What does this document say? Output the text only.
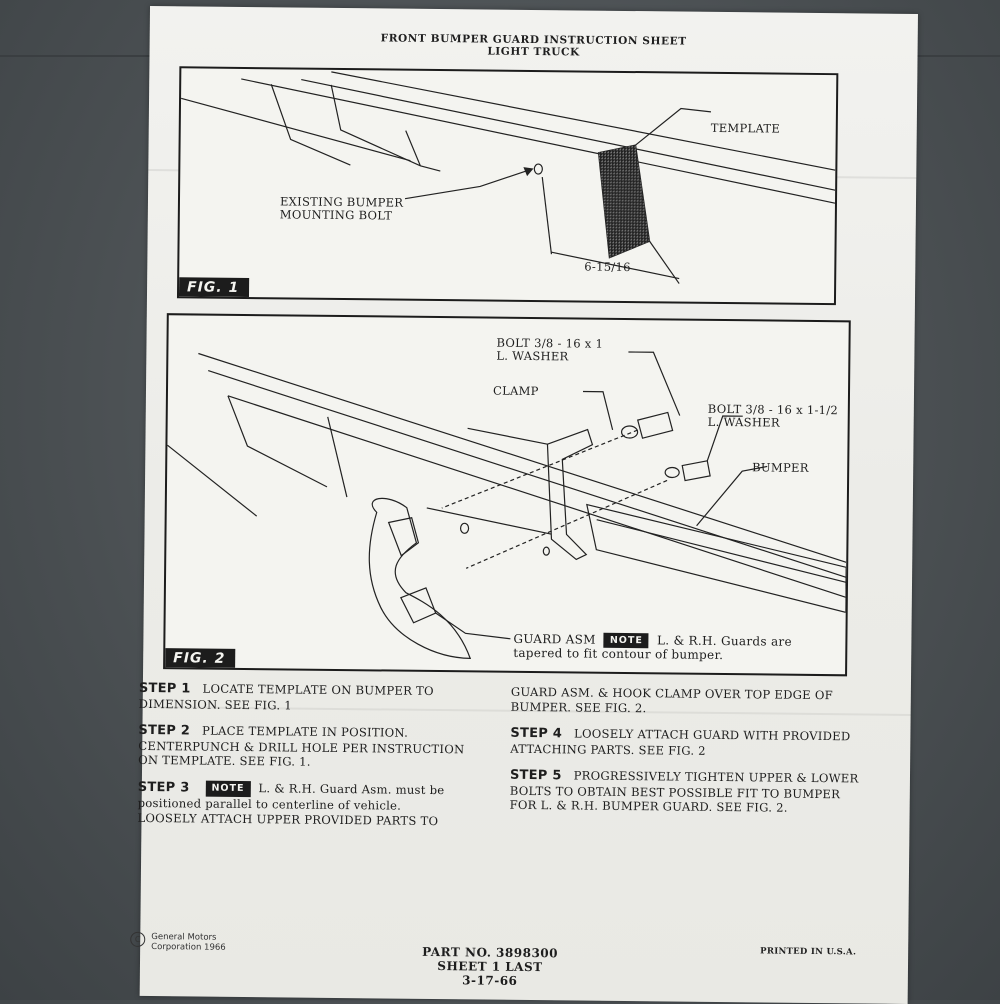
FRONT BUMPER GUARD INSTRUCTION SHEET
LIGHT TRUCK
TEMPLATE
EXISTING BUMPER
MOUNTING BOLT
6-15/16
FIG. 1
BOLT 3/8 - 16 x 1
L. WASHER
CLAMP
BOLT 3/8 - 16 x 1-1/2
L. WASHER
BUMPER
GUARD ASM NOTE L. & R.H. Guards are
tapered to fit contour of bumper.
FIG. 2
STEP 1 LOCATE TEMPLATE ON BUMPER TO DIMENSION. SEE FIG. 1
STEP 2 PLACE TEMPLATE IN POSITION. CENTERPUNCH & DRILL HOLE PER INSTRUCTION ON TEMPLATE. SEE FIG. 1.
STEP 3 NOTE L. & R.H. Guard Asm. must be positioned parallel to centerline of vehicle.
LOOSELY ATTACH UPPER PROVIDED PARTS TO
GUARD ASM. & HOOK CLAMP OVER TOP EDGE OF BUMPER. SEE FIG. 2.
STEP 4 LOOSELY ATTACH GUARD WITH PROVIDED ATTACHING PARTS. SEE FIG. 2
STEP 5 PROGRESSIVELY TIGHTEN UPPER & LOWER BOLTS TO OBTAIN BEST POSSIBLE FIT TO BUMPER FOR L. & R.H. BUMPER GUARD. SEE FIG. 2.
C	General Motors
Corporation 1966	PART NO. 3898300
SHEET 1 LAST
3-17-66
PRINTED IN U.S.A.
